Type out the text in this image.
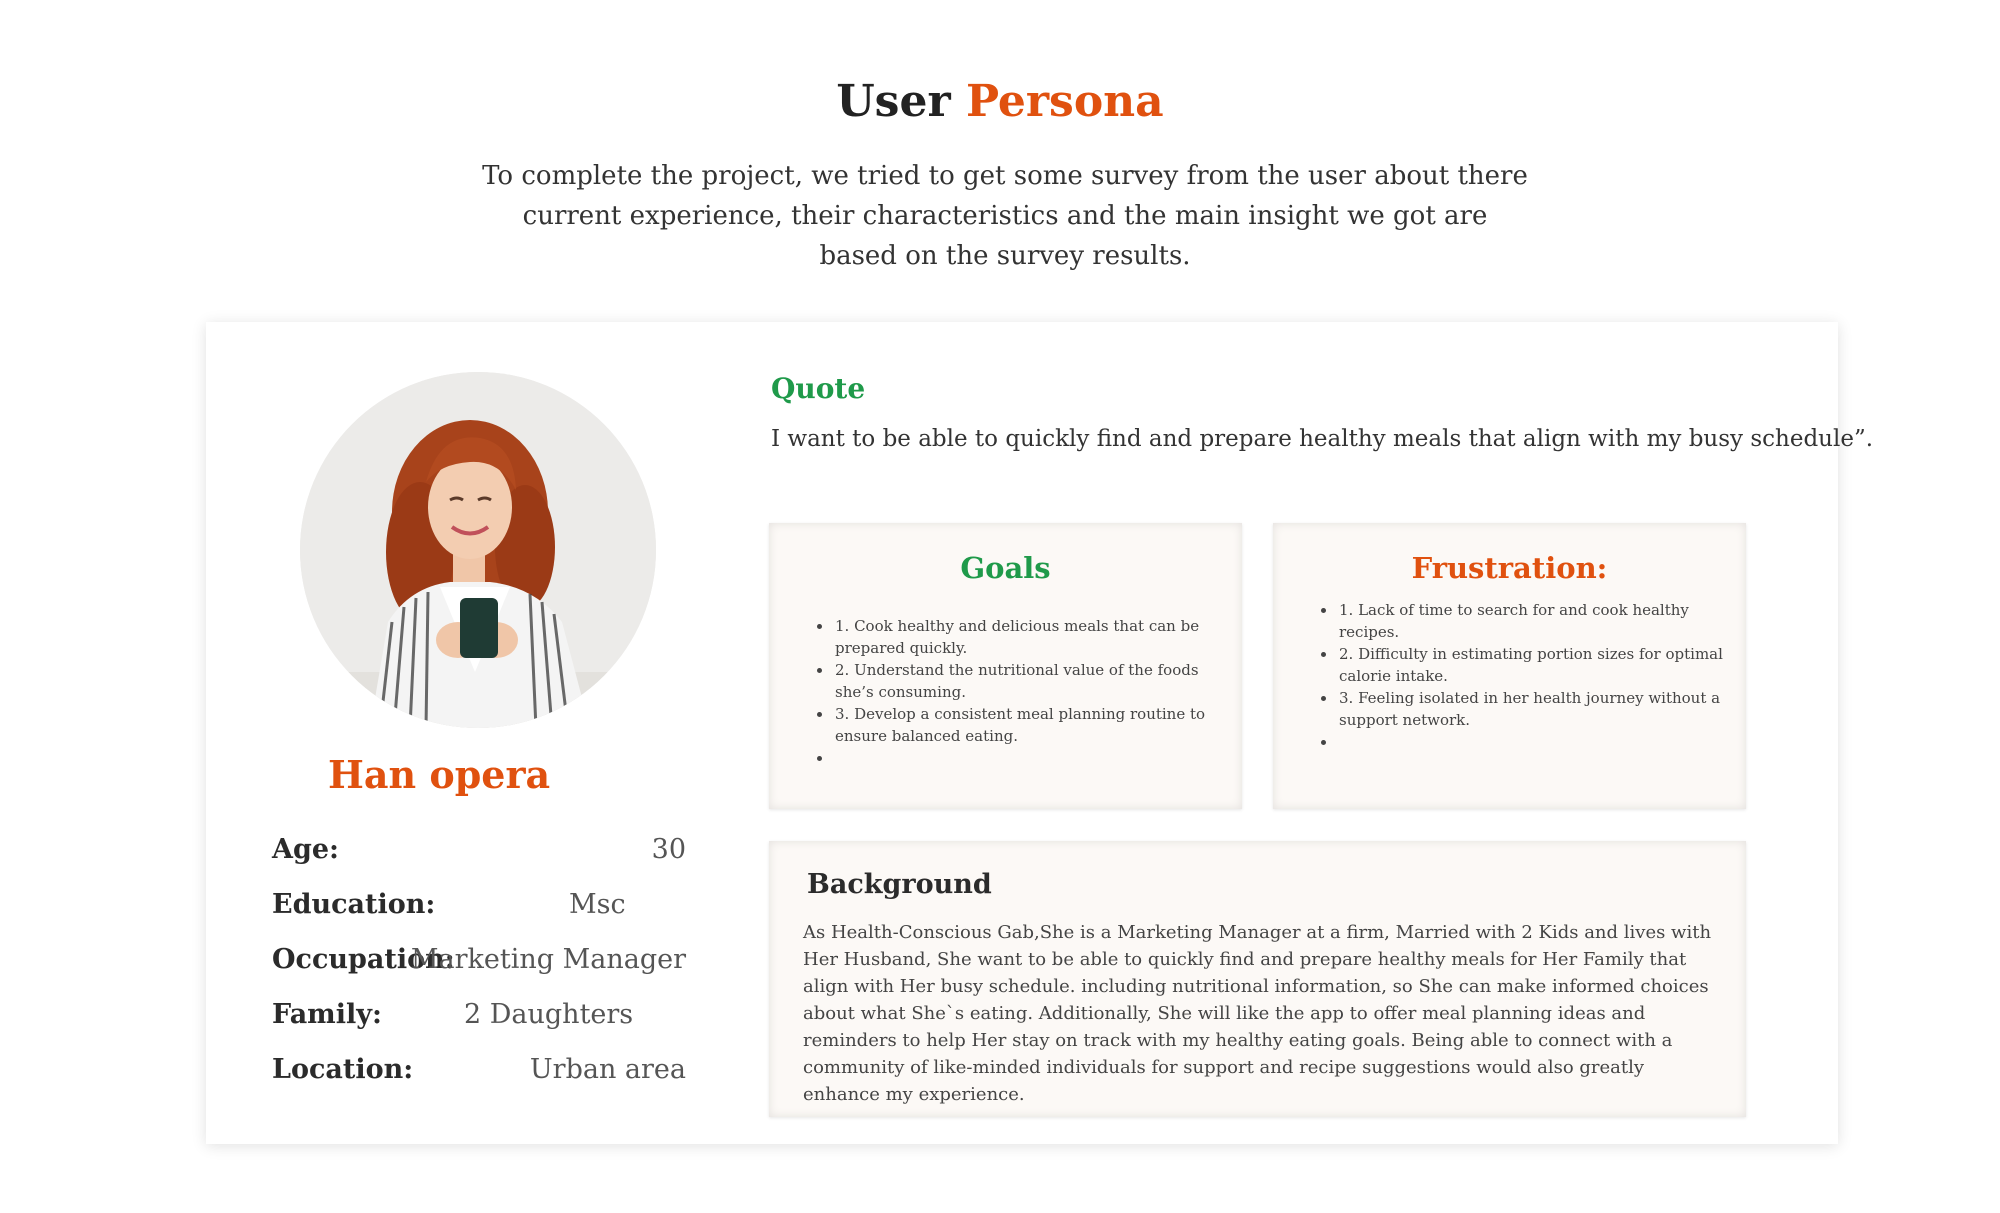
User Persona

To complete the project, we tried to get some survey from the user about there current experience, their characteristics and the main insight we got are based on the survey results.

Han opera
Age:	30
Education:	Msc
Occupation:
Marketing Manager
Family:	2 Daughters
Location:	Urban area
Quote

I want to be able to quickly find and prepare healthy meals that align with my busy schedule”.

Goals
• 1. Cook healthy and delicious meals that can be prepared quickly.
• 2. Understand the nutritional value of the foods she’s consuming.
• 3. Develop a consistent meal planning routine to ensure balanced eating.
•
Frustration:
• 1. Lack of time to search for and cook healthy recipes.
• 2. Difficulty in estimating portion sizes for optimal calorie intake.
• 3. Feeling isolated in her health journey without a support network.
•
Background

As Health-Conscious Gab,She is a Marketing Manager at a firm, Married with 2 Kids and lives with Her Husband, She want to be able to quickly find and prepare healthy meals for Her Family that align with Her busy schedule. including nutritional information, so She can make informed choices about what She`s eating. Additionally, She will like the app to offer meal planning ideas and reminders to help Her stay on track with my healthy eating goals. Being able to connect with a community of like-minded individuals for support and recipe suggestions would also greatly enhance my experience.
